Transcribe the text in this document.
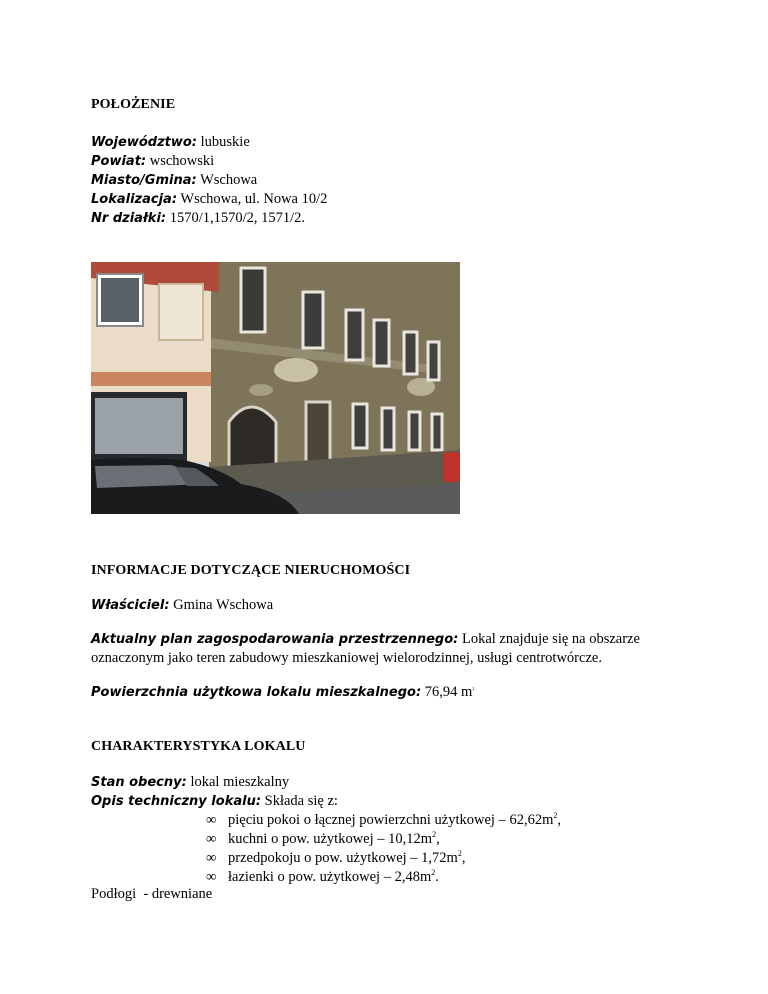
POŁOŻENIE
Województwo: lubuskie
Powiat: wschowski
Miasto/Gmina: Wschowa
Lokalizacja: Wschowa, ul. Nowa 10/2
Nr działki: 1570/1,1570/2, 1571/2.
INFORMACJE DOTYCZĄCE NIERUCHOMOŚCI
Właściciel: Gmina Wschowa
Aktualny plan zagospodarowania przestrzennego: Lokal znajduje się na obszarze
oznaczonym jako teren zabudowy mieszkaniowej wielorodzinnej, usługi centrotwórcze.
Powierzchnia użytkowa lokalu mieszkalnego: 76,94 $m^2$
CHARAKTERYSTYKA LOKALU
Stan obecny: lokal mieszkalny
Opis techniczny lokalu: Składa się z:
∞ pięciu pokoi o łącznej powierzchni użytkowej – $62,62m^2$,
∞ kuchni o pow. użytkowej – $10,12m^2$,
∞ przedpokoju o pow. użytkowej – $1,72m^2$,
∞ łazienki o pow. użytkowej – $2,48m^2$.
Podłogi  - drewniane
